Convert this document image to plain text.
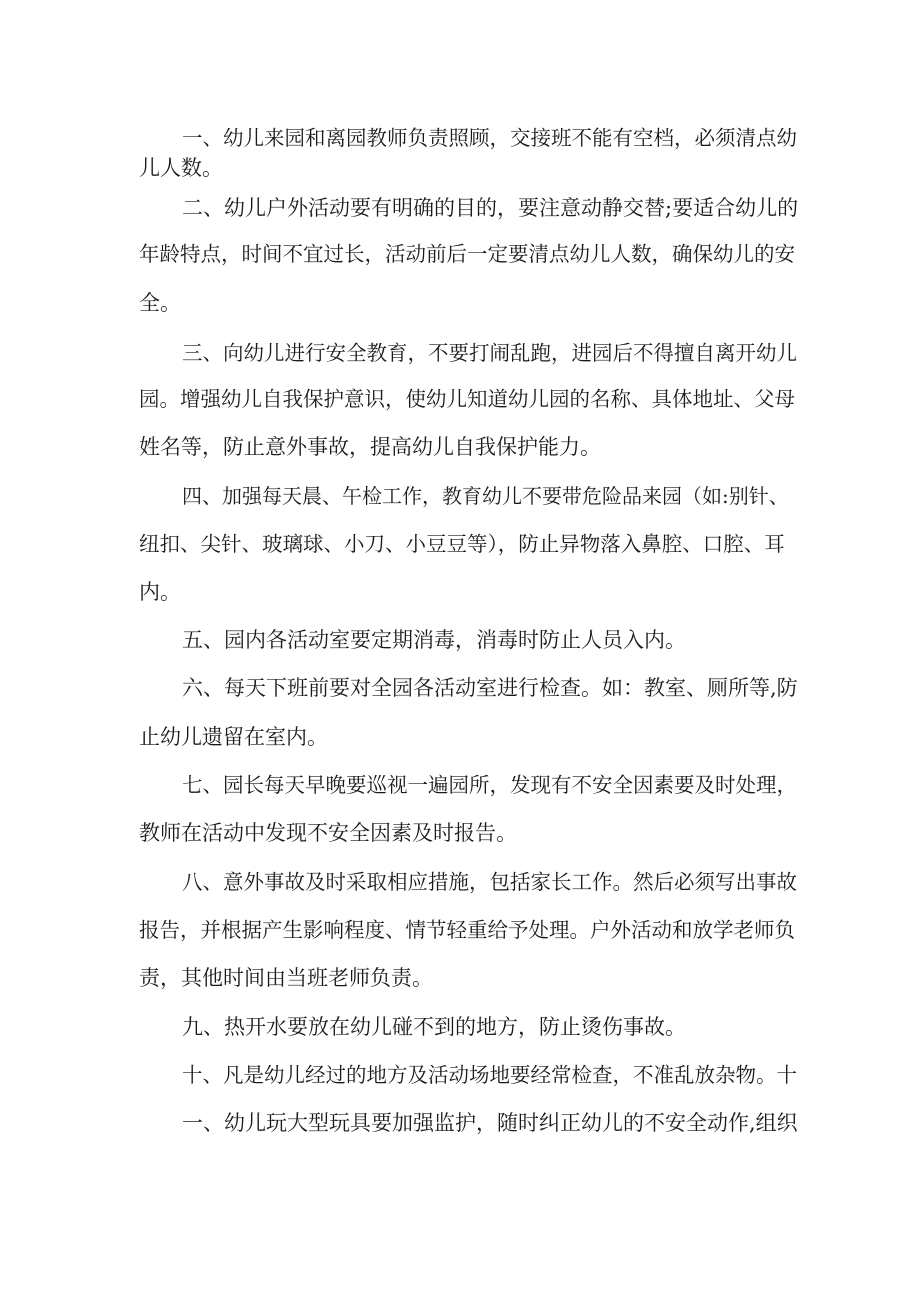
一、幼儿来园和离园教师负责照顾，交接班不能有空档，必须清点幼

儿人数。

二、幼儿户外活动要有明确的目的，要注意动静交替;要适合幼儿的

年龄特点，时间不宜过长，活动前后一定要清点幼儿人数，确保幼儿的安

全。

三、向幼儿进行安全教育，不要打闹乱跑，进园后不得擅自离开幼儿

园。增强幼儿自我保护意识，使幼儿知道幼儿园的名称、具体地址、父母

姓名等，防止意外事故，提高幼儿自我保护能力。

四、加强每天晨、午检工作，教育幼儿不要带危险品来园（如:别针、

纽扣、尖针、玻璃球、小刀、小豆豆等），防止异物落入鼻腔、口腔、耳

内。

五、园内各活动室要定期消毒，消毒时防止人员入内。

六、每天下班前要对全园各活动室进行检查。如：教室、厕所等,防

止幼儿遗留在室内。

七、园长每天早晚要巡视一遍园所，发现有不安全因素要及时处理，

教师在活动中发现不安全因素及时报告。

八、意外事故及时采取相应措施，包括家长工作。然后必须写出事故

报告，并根据产生影响程度、情节轻重给予处理。户外活动和放学老师负

责，其他时间由当班老师负责。

九、热开水要放在幼儿碰不到的地方，防止烫伤事故。

十、凡是幼儿经过的地方及活动场地要经常检查，不准乱放杂物。十

一、幼儿玩大型玩具要加强监护，随时纠正幼儿的不安全动作,组织
